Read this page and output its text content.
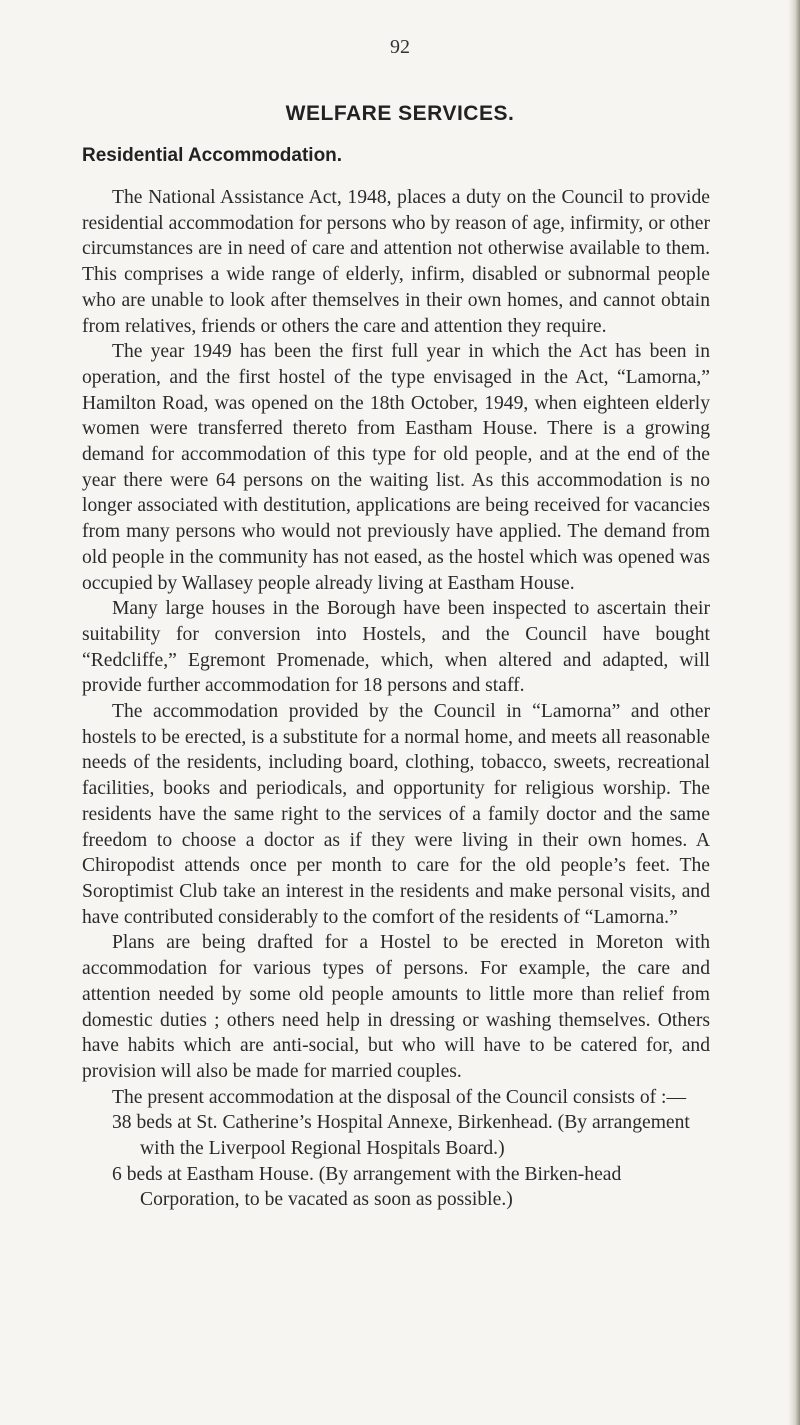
92
WELFARE SERVICES.
Residential Accommodation.

The National Assistance Act, 1948, places a duty on the Council to provide residential accommodation for persons who by reason of age, infirmity, or other circumstances are in need of care and attention not otherwise available to them. This comprises a wide range of elderly, infirm, disabled or subnormal people who are unable to look after themselves in their own homes, and cannot obtain from relatives, friends or others the care and attention they require.

The year 1949 has been the first full year in which the Act has been in operation, and the first hostel of the type envisaged in the Act, “Lamorna,” Hamilton Road, was opened on the 18th October, 1949, when eighteen elderly women were transferred thereto from Eastham House. There is a growing demand for accommodation of this type for old people, and at the end of the year there were 64 persons on the waiting list. As this accommodation is no longer associated with destitution, applications are being received for vacancies from many persons who would not previously have applied. The demand from old people in the community has not eased, as the hostel which was opened was occupied by Wallasey people already living at Eastham House.

Many large houses in the Borough have been inspected to ascertain their suitability for conversion into Hostels, and the Council have bought “Redcliffe,” Egremont Promenade, which, when altered and adapted, will provide further accommodation for 18 persons and staff.

The accommodation provided by the Council in “Lamorna” and other hostels to be erected, is a substitute for a normal home, and meets all reasonable needs of the residents, including board, clothing, tobacco, sweets, recreational facilities, books and periodicals, and opportunity for religious worship. The residents have the same right to the services of a family doctor and the same freedom to choose a doctor as if they were living in their own homes. A Chiropodist attends once per month to care for the old people’s feet. The Soroptimist Club take an interest in the residents and make personal visits, and have contributed considerably to the comfort of the residents of “Lamorna.”

Plans are being drafted for a Hostel to be erected in Moreton with accommodation for various types of persons. For example, the care and attention needed by some old people amounts to little more than relief from domestic duties ; others need help in dressing or washing themselves. Others have habits which are anti-social, but who will have to be catered for, and provision will also be made for married couples.

The present accommodation at the disposal of the Council consists of :—

38 beds at St. Catherine’s Hospital Annexe, Birkenhead. (By arrangement with the Liverpool Regional Hospitals Board.)

6 beds at Eastham House. (By arrangement with the Birken-head Corporation, to be vacated as soon as possible.)
